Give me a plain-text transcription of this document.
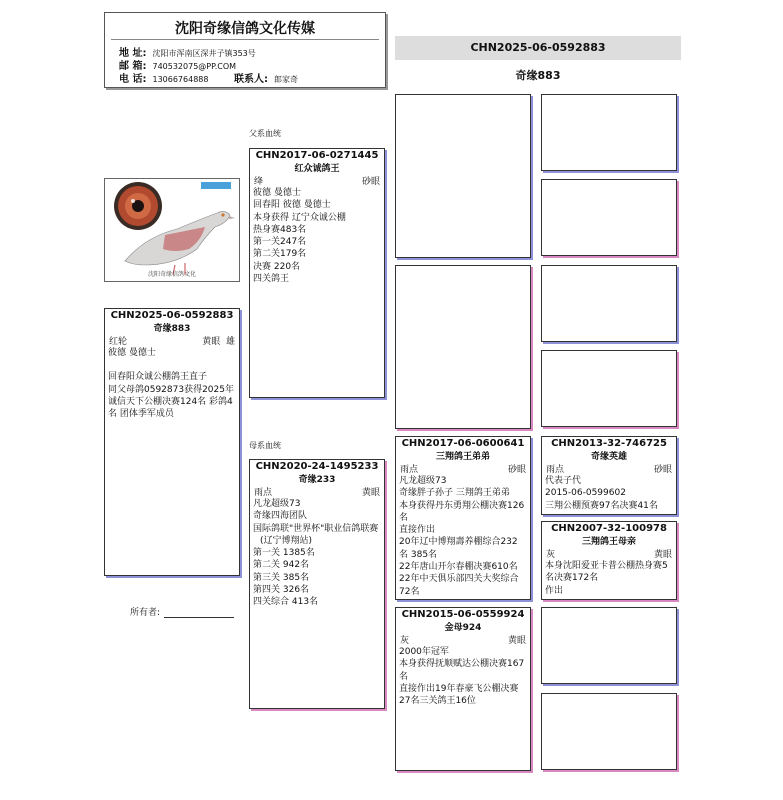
沈阳奇缘信鸽文化传媒
地 址: 沈阳市浑南区深井子镇353号
邮 箱: 740532075@PP.COM
电 话: 13066764888	联系人: 郎家奇
CHN2025-06-0592883
奇缘883
父系血统
母系血统
沈阳奇缘信鸽文化
CHN2025-06-0592883
奇缘883
红轮	黄眼 雄
彼德 曼德士
回春阳众诚公棚鸽王直子
同父母鸽0592873获得2025年
诚信天下公棚决赛124名 彩鸽4
名 团体季军成员
所有者:
CHN2017-06-0271445
红众诚鸽王
绛	砂眼
彼德 曼德士
回春阳 彼德 曼德士
本身获得 辽宁众诚公棚
热身赛483名
第一关247名
第二关179名
决赛 220名
四关鸽王
CHN2020-24-1495233
奇缘233
雨点	黄眼
凡龙超级73
奇缘四海团队
国际鸽联"世界杯"职业信鸽联赛
(辽宁博翔站)
第一关 1385名
第二关 942名
第三关 385名
第四关 326名
四关综合 413名
CHN2017-06-0600641
三翔鸽王弟弟
雨点	砂眼
凡龙超级73
奇缘胖子孙子 三翔鸽王弟弟
本身获得丹东勇翔公棚决赛126
名
直接作出
20年辽中博翔壽养棚综合232
名 385名
22年唐山开尔春棚决赛610名
22年中天俱乐部四关大奖综合
72名
CHN2015-06-0559924
金母924
灰	黄眼
2000年冠军
本身获得抚顺赋达公棚决赛167
名
直接作出19年春豪飞公棚决赛
27名三关鸽王16位
CHN2013-32-746725
奇缘英雄
雨点	砂眼
代表子代
2015-06-0599602
三翔公棚预赛97名决赛41名
CHN2007-32-100978
三翔鸽王母亲
灰	黄眼
本身沈阳爱亚卡普公棚热身赛5
名决赛172名
作出
